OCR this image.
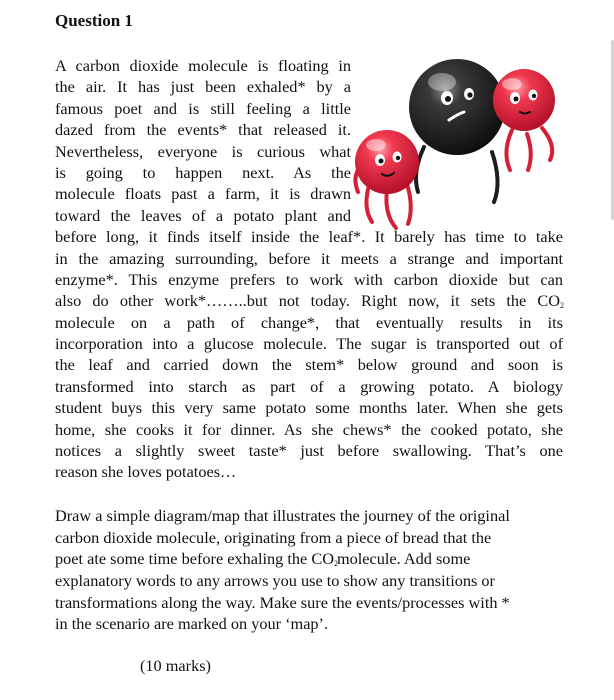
Question 1
A carbon dioxide molecule is floating in
the air. It has just been exhaled* by a
famous poet and is still feeling a little
dazed from the events* that released it.
Nevertheless, everyone is curious what
is going to happen next. As the
molecule floats past a farm, it is drawn
toward the leaves of a potato plant and
before long, it finds itself inside the leaf*. It barely has time to take
in the amazing surrounding, before it meets a strange and important
enzyme*. This enzyme prefers to work with carbon dioxide but can
also do other work*……..but not today. Right now, it sets the CO2
molecule on a path of change*, that eventually results in its
incorporation into a glucose molecule. The sugar is transported out of
the leaf and carried down the stem* below ground and soon is
transformed into starch as part of a growing potato. A biology
student buys this very same potato some months later. When she gets
home, she cooks it for dinner. As she chews* the cooked potato, she
notices a slightly sweet taste* just before swallowing. That’s one
reason she loves potatoes…
Draw a simple diagram/map that illustrates the journey of the original
carbon dioxide molecule, originating from a piece of bread that the
poet ate some time before exhaling the CO2molecule. Add some
explanatory words to any arrows you use to show any transitions or
transformations along the way. Make sure the events/processes with *
in the scenario are marked on your ‘map’.
(10 marks)
